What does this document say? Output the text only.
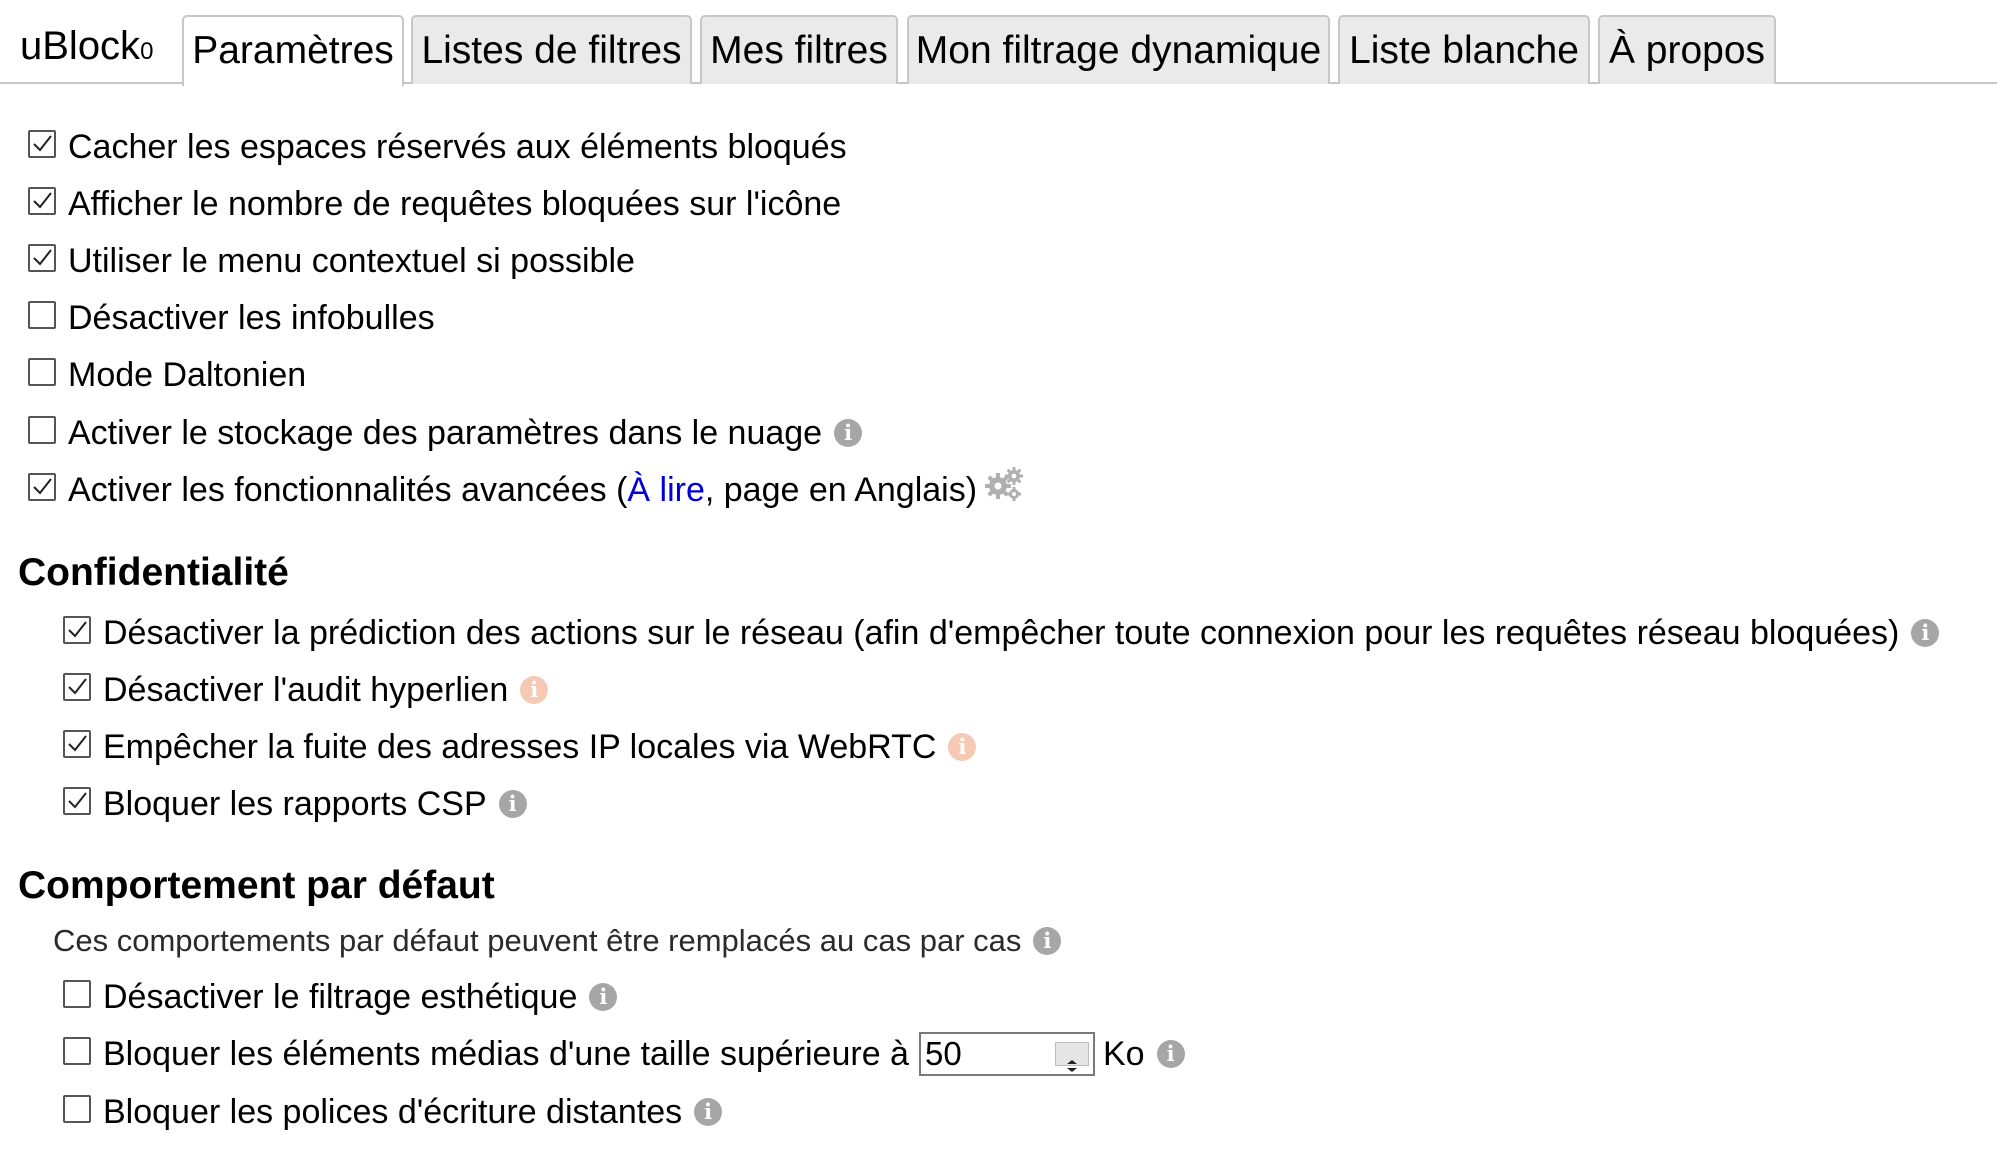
uBlock0 Paramètres Listes de filtres Mes filtres Mon filtrage dynamique Liste blanche À propos
Cacher les espaces réservés aux éléments bloqués
Afficher le nombre de requêtes bloquées sur l'icône
Utiliser le menu contextuel si possible
Désactiver les infobulles
Mode Daltonien
Activer le stockage des paramètres dans le nuage i
Activer les fonctionnalités avancées (À lire, page en Anglais)
Confidentialité
Désactiver la prédiction des actions sur le réseau (afin d'empêcher toute connexion pour les requêtes réseau bloquées) i
Désactiver l'audit hyperlien i
Empêcher la fuite des adresses IP locales via WebRTC i
Bloquer les rapports CSP i
Comportement par défaut
Ces comportements par défaut peuvent être remplacés au cas par cas i
Désactiver le filtrage esthétique i
Bloquer les éléments médias d'une taille supérieure à
50	Ko i
Bloquer les polices d'écriture distantes i
